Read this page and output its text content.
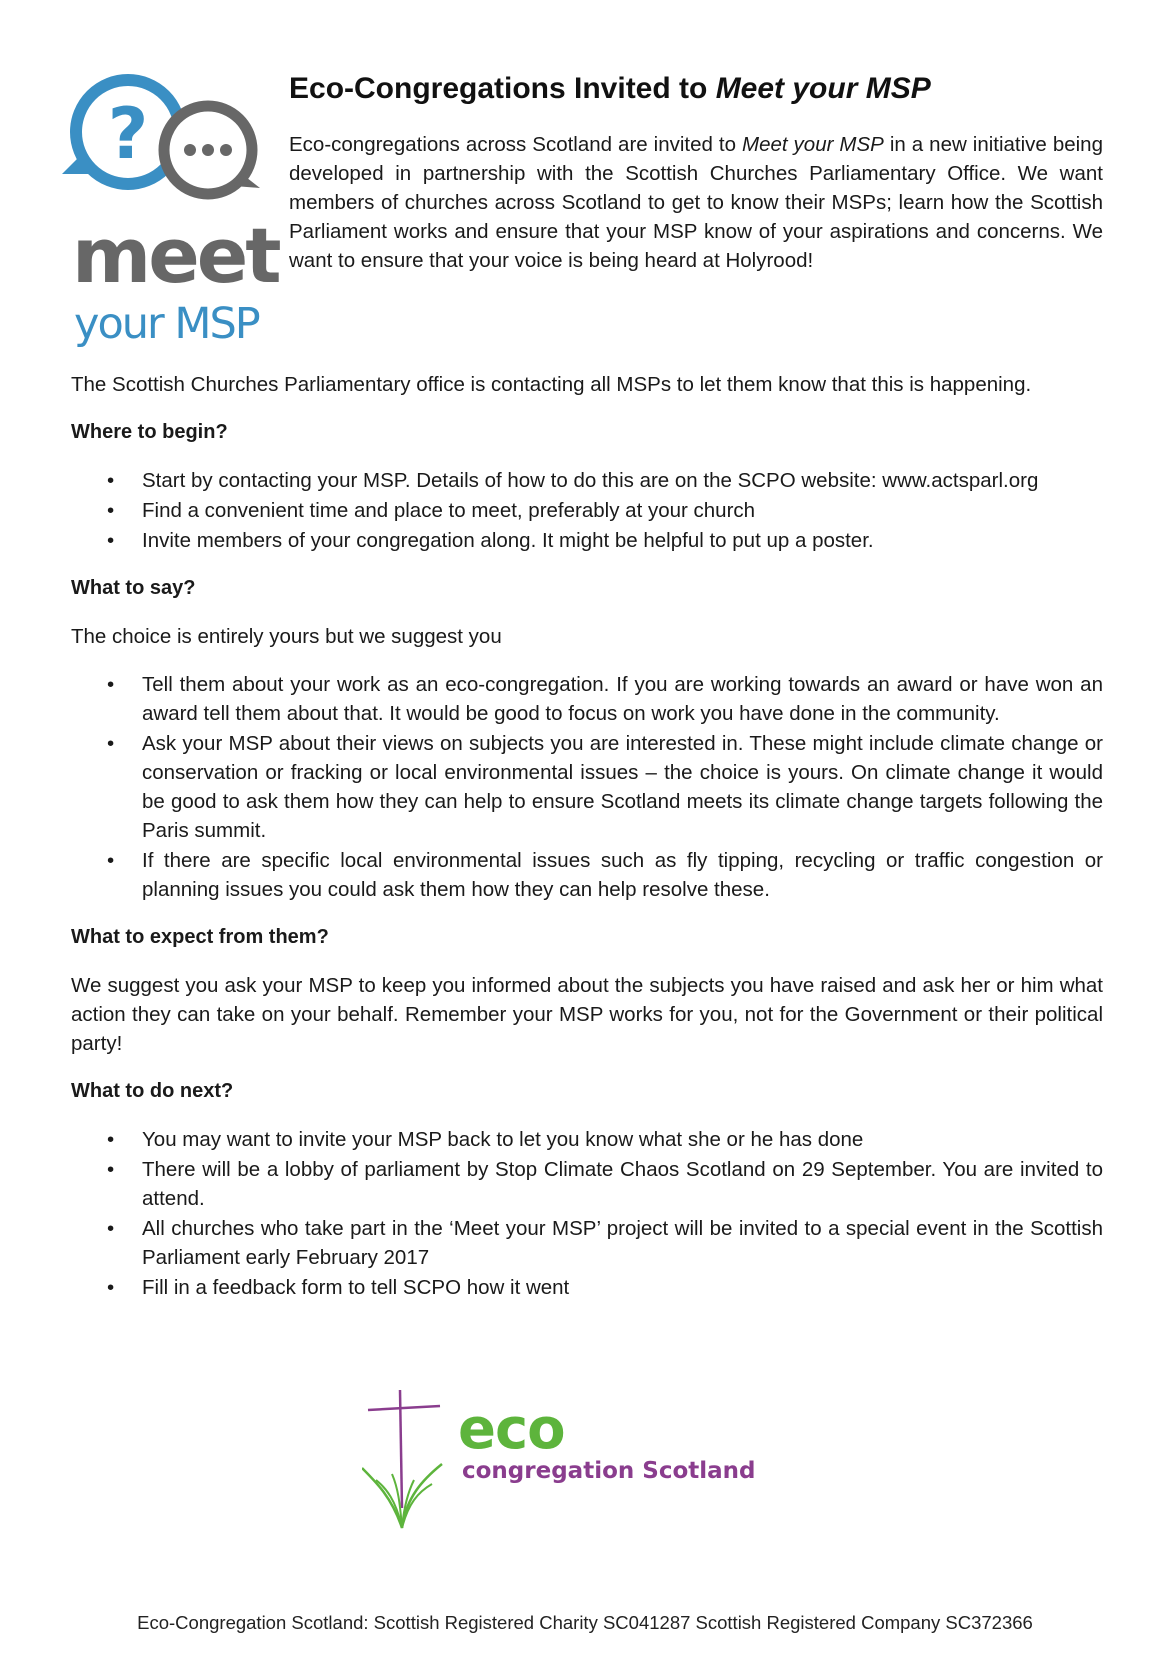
?
meet
your MSP
Eco-Congregations Invited to Meet your MSP

Eco-congregations across Scotland are invited to Meet your MSP in a new initiative being developed in partnership with the Scottish Churches Parliamentary Office. We want members of churches across Scotland to get to know their MSPs; learn how the Scottish Parliament works and ensure that your MSP know of your aspirations and concerns. We want to ensure that your voice is being heard at Holyrood!

The Scottish Churches Parliamentary office is contacting all MSPs to let them know that this is happening.

Where to begin?
•	Start by contacting your MSP. Details of how to do this are on the SCPO website: www.actsparl.org
•	Find a convenient time and place to meet, preferably at your church
•	Invite members of your congregation along. It might be helpful to put up a poster.
What to say?

The choice is entirely yours but we suggest you

•	Tell them about your work as an eco-congregation. If you are working towards an award or have won an award tell them about that. It would be good to focus on work you have done in the community.
•	Ask your MSP about their views on subjects you are interested in. These might include climate change or conservation or fracking or local environmental issues – the choice is yours. On climate change it would be good to ask them how they can help to ensure Scotland meets its climate change targets following the Paris summit.
•	If there are specific local environmental issues such as fly tipping, recycling or traffic congestion or planning issues you could ask them how they can help resolve these.
What to expect from them?

We suggest you ask your MSP to keep you informed about the subjects you have raised and ask her or him what action they can take on your behalf. Remember your MSP works for you, not for the Government or their political party!

What to do next?
•	You may want to invite your MSP back to let you know what she or he has done
•	There will be a lobby of parliament by Stop Climate Chaos Scotland on 29 September. You are invited to attend.
•	All churches who take part in the ‘Meet your MSP’ project will be invited to a special event in the Scottish Parliament early February 2017
•	Fill in a feedback form to tell SCPO how it went
eco
congregation Scotland
Eco-Congregation Scotland: Scottish Registered Charity SC041287 Scottish Registered Company SC372366
